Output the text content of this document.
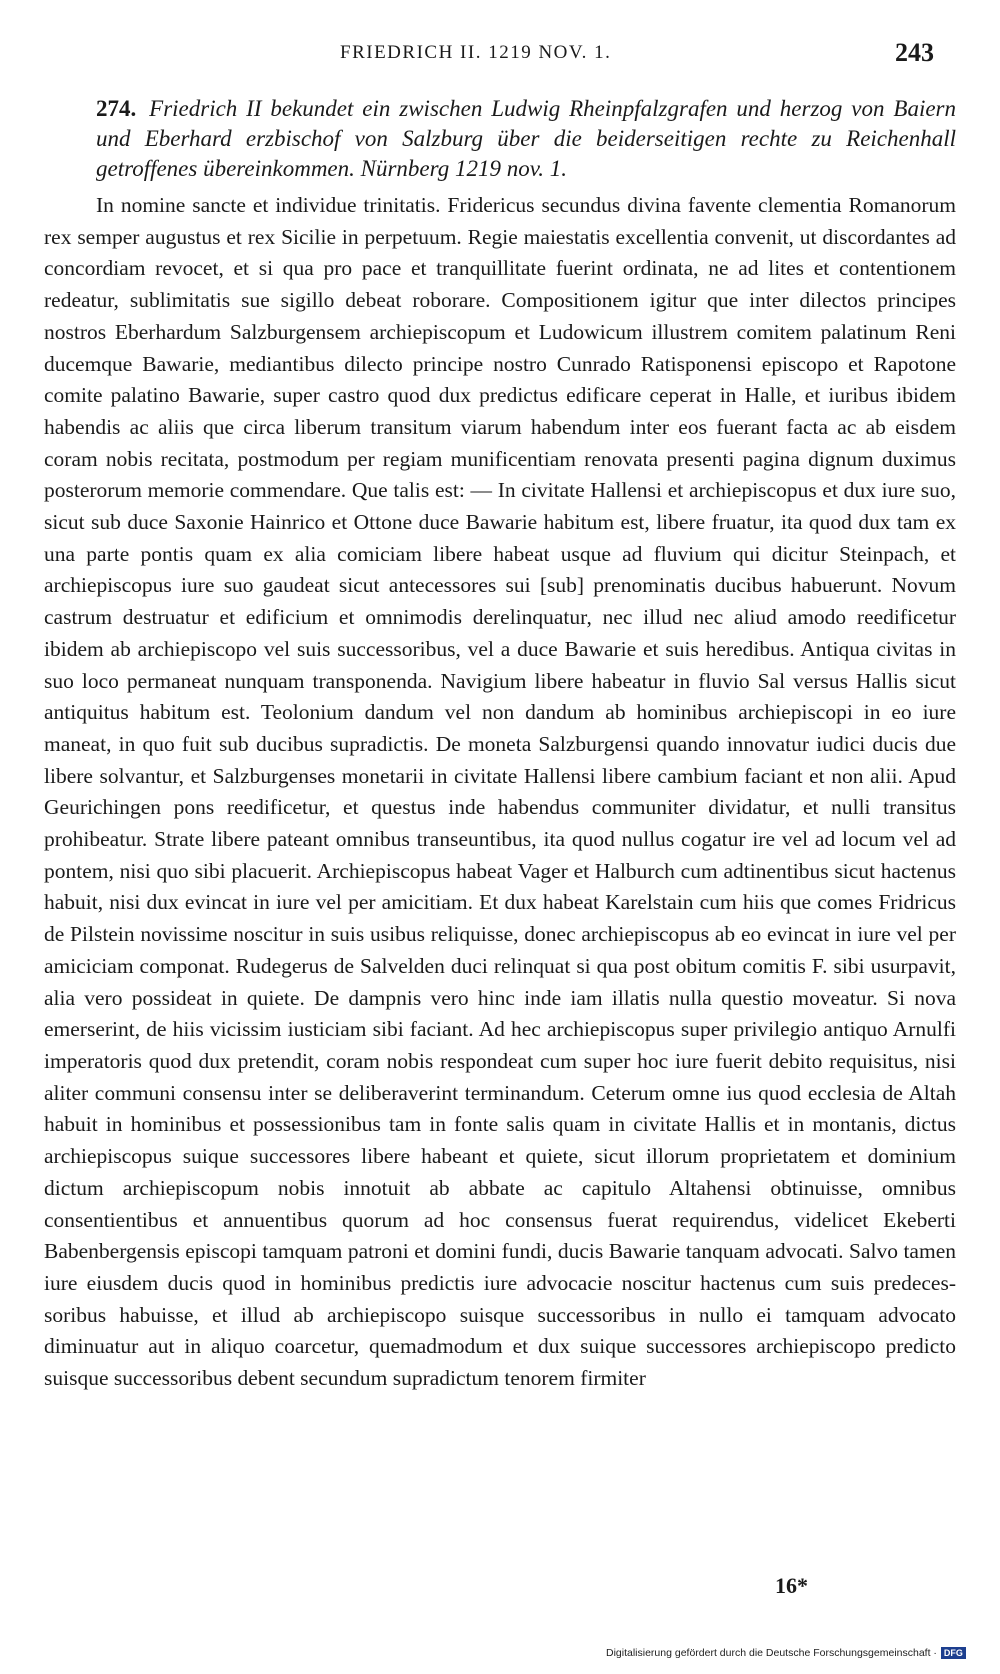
FRIEDRICH II. 1219 NOV. 1.	243
274. Friedrich II bekundet ein zwischen Ludwig Rheinpfalzgrafen und herzog von Baiern und Eberhard erzbischof von Salzburg über die beiderseitigen rechte zu Reichenhall getroffenes übereinkommen. Nürnberg 1219 nov. 1.
In nomine sancte et individue trinitatis. Fridericus secundus divina favente clementia Romanorum rex semper augustus et rex Sicilie in perpetuum. Regie maiestatis excellentia convenit, ut discordantes ad concordiam revocet, et si qua pro pace et tranquillitate fuerint ordinata, ne ad lites et contentionem redeatur, sublimitatis sue sigillo debeat roborare. Compositionem igitur que inter dilectos principes nostros Eberhardum Salzburgensem archiepiscopum et Ludowicum illustrem comitem palatinum Reni ducemque Bawarie, mediantibus dilecto principe nostro Cunrado Ratisponensi episcopo et Rapotone comite palatino Bawarie, super castro quod dux predictus edificare ceperat in Halle, et iuribus ibidem habendis ac aliis que circa liberum transitum viarum habendum inter eos fuerant facta ac ab eisdem coram nobis recitata, postmodum per regiam munificentiam renovata presenti pagina dignum duximus posterorum memorie commendare. Que talis est: — In civitate Hallensi et archiepiscopus et dux iure suo, sicut sub duce Saxonie Hainrico et Ottone duce Bawarie habitum est, libere fruatur, ita quod dux tam ex una parte pontis quam ex alia comiciam libere habeat usque ad fluvium qui dicitur Steinpach, et archiepiscopus iure suo gaudeat sicut antecessores sui [sub] prenominatis ducibus habuerunt. Novum castrum destruatur et edificium et omnimodis derelinquatur, nec illud nec aliud amodo reedificetur ibidem ab archiepiscopo vel suis successoribus, vel a duce Bawarie et suis heredibus. Antiqua civitas in suo loco permaneat nunquam transponenda. Navigium libere habeatur in fluvio Sal versus Hallis sicut antiquitus habitum est. Teolonium dandum vel non dandum ab hominibus archiepiscopi in eo iure maneat, in quo fuit sub ducibus supradictis. De moneta Salzburgensi quando innovatur iudici ducis due libere solvantur, et Salzburgenses monetarii in civitate Hallensi libere cambium faciant et non alii. Apud Geurichingen pons reedificetur, et questus inde habendus communiter dividatur, et nulli transitus prohibeatur. Strate libere pateant omnibus transeuntibus, ita quod nullus cogatur ire vel ad locum vel ad pontem, nisi quo sibi placuerit. Archiepiscopus habeat Vager et Halburch cum adtinentibus sicut hactenus habuit, nisi dux evincat in iure vel per amicitiam. Et dux habeat Karelstain cum hiis que comes Fridricus de Pilstein novissime noscitur in suis usibus reliquisse, donec archiepiscopus ab eo evincat in iure vel per amiciciam componat. Rudegerus de Salvelden duci relinquat si qua post obitum comitis F. sibi usurpavit, alia vero possideat in quiete. De dampnis vero hinc inde iam illatis nulla questio moveatur. Si nova emerserint, de hiis vicissim iusticiam sibi faciant. Ad hec archiepiscopus super privilegio antiquo Arnulfi imperatoris quod dux pretendit, coram nobis respondeat cum super hoc iure fuerit debito requisitus, nisi aliter communi consensu inter se deliberaverint terminandum. Ceterum omne ius quod ecclesia de Altah habuit in hominibus et possessionibus tam in fonte salis quam in civitate Hallis et in montanis, dictus archiepiscopus suique successores libere habeant et quiete, sicut illorum proprietatem et dominium dictum archiepiscopum nobis innotuit ab abbate ac capitulo Altahensi obtinuisse, omnibus consentientibus et annuentibus quorum ad hoc consensus fuerat requirendus, videlicet Ekeberti Babenbergensis episcopi tamquam patroni et domini fundi, ducis Bawarie tanquam advocati. Salvo tamen iure eiusdem ducis quod in hominibus predictis iure advocacie noscitur hactenus cum suis predecessoribus habuisse, et illud ab archiepiscopo suisque successoribus in nullo ei tamquam advocato diminuatur aut in aliquo coarcetur, quemadmodum et dux suique successores archiepiscopo predicto suisque successoribus debent secundum supradictum tenorem firmiter
16*
Digitalisierung gefördert durch die Deutsche Forschungsgemeinschaft · DFG
